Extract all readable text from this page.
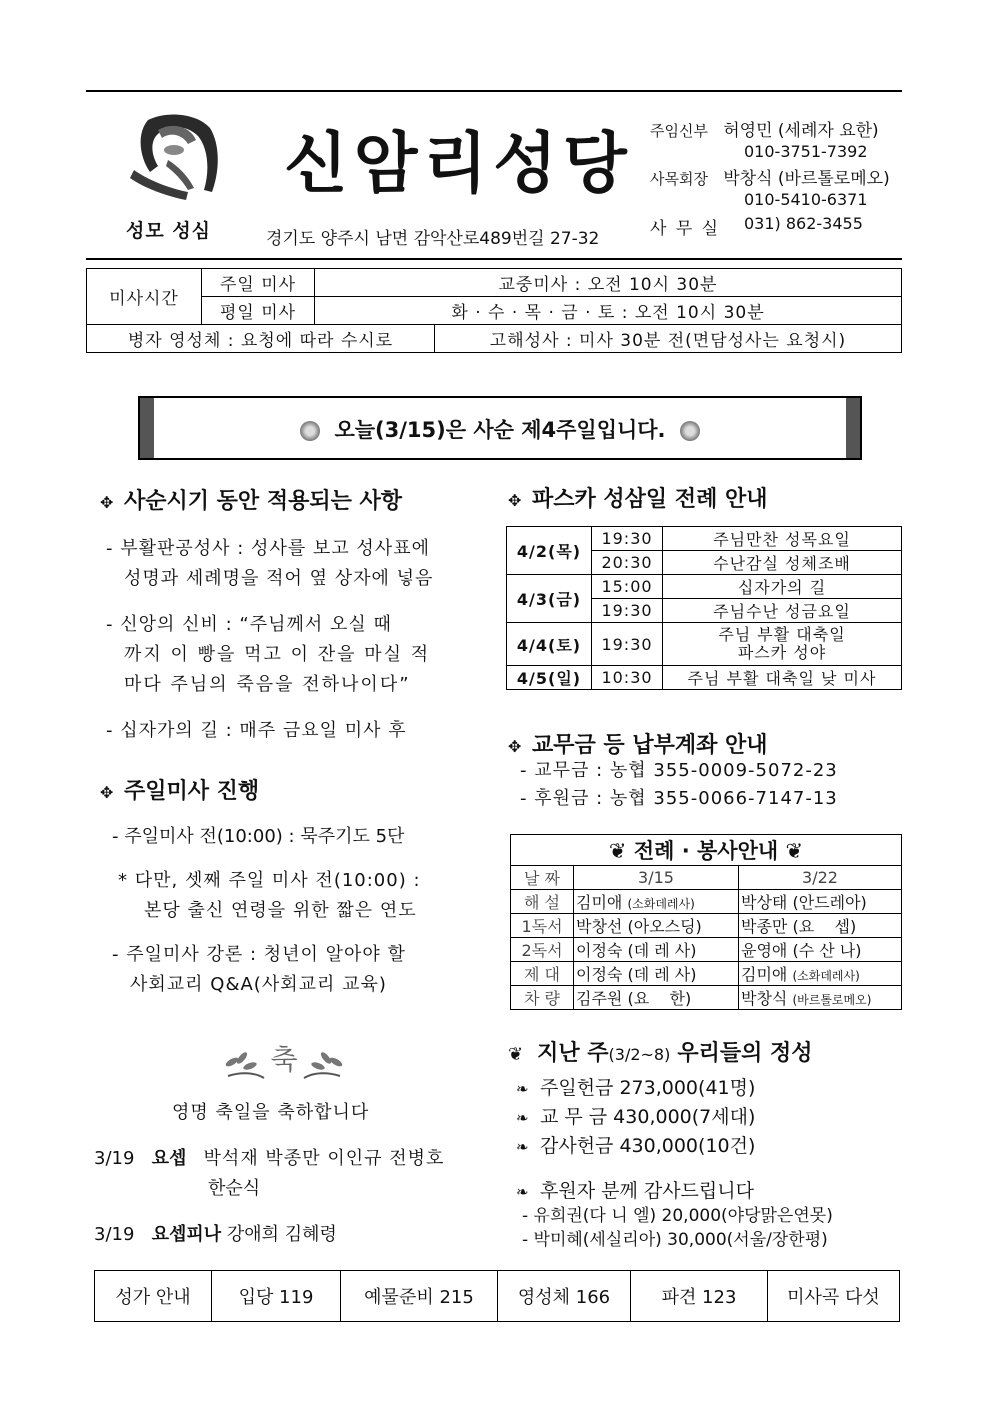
성모 성심
신암리성당
경기도 양주시 남면 감악산로489번길 27-32
주임신부 허영민 (세례자 요한)
010-3751-7392
사목회장 박창식 (바르톨로메오)
010-5410-6371
사 무 실 031) 862-3455
미사시간	주일 미사	교중미사 : 오전 10시 30분	
	평일 미사	화 · 수 · 목 · 금 · 토 : 오전 10시 30분	
병자 영성체 : 요청에 따라 수시로			고해성사 : 미사 30분 전(면담성사는 요청시)
오늘(3/15)은 사순 제4주일입니다.
✥ 사순시기 동안 적용되는 사항
- 부활판공성사 : 성사를 보고 성사표에
성명과 세례명을 적어 옆 상자에 넣음
- 신앙의 신비 : “주님께서 오실 때
까지 이 빵을 먹고 이 잔을 마실 적
마다 주님의 죽음을 전하나이다”
- 십자가의 길 : 매주 금요일 미사 후
✥ 주일미사 진행
- 주일미사 전(10:00) : 묵주기도 5단
* 다만, 셋째 주일 미사 전(10:00) :
본당 출신 연령을 위한 짧은 연도
- 주일미사 강론 : 청년이 알아야 할
사회교리 Q&A(사회교리 교육)
축
영명 축일을 축하합니다
3/19 요셉 박석재 박종만 이인규 전병호
한순식
3/19 요셉피나 강애희 김혜령
✥ 파스카 성삼일 전례 안내
4/2(목)	19:30	주님만찬 성목요일
	20:30	수난감실 성체조배
4/3(금)	15:00	십자가의 길
	19:30	주님수난 성금요일
4/4(토)	19:30	주님 부활 대축일
파스카 성야
4/5(일)	10:30	주님 부활 대축일 낮 미사
✥ 교무금 등 납부계좌 안내
- 교무금 : 농협 355-0009-5072-23
- 후원금 : 농협 355-0066-7147-13
❦ 전례 · 봉사안내 ❦		
날 짜	3/15	3/22
해 설	김미애 (소화데레사)	박상태 (안드레아)
1독서	박창선 (아오스딩)	박종만 (요    셉)
2독서	이정숙 (데 레 사)	윤영애 (수 산 나)
제 대	이정숙 (데 레 사)	김미애 (소화데레사)
차 량	김주원 (요    한)	박창식 (바르톨로메오)
❦ 지난 주(3/2~8) 우리들의 정성
❧ 주일헌금 273,000(41명)
❧ 교 무 금 430,000(7세대)
❧ 감사헌금 430,000(10건)
❧ 후원자 분께 감사드립니다
- 유희권(다 니 엘) 20,000(야당맑은연못)
- 박미혜(세실리아) 30,000(서울/장한평)
성가 안내	입당 119	예물준비 215	영성체 166	파견 123	미사곡 다섯
